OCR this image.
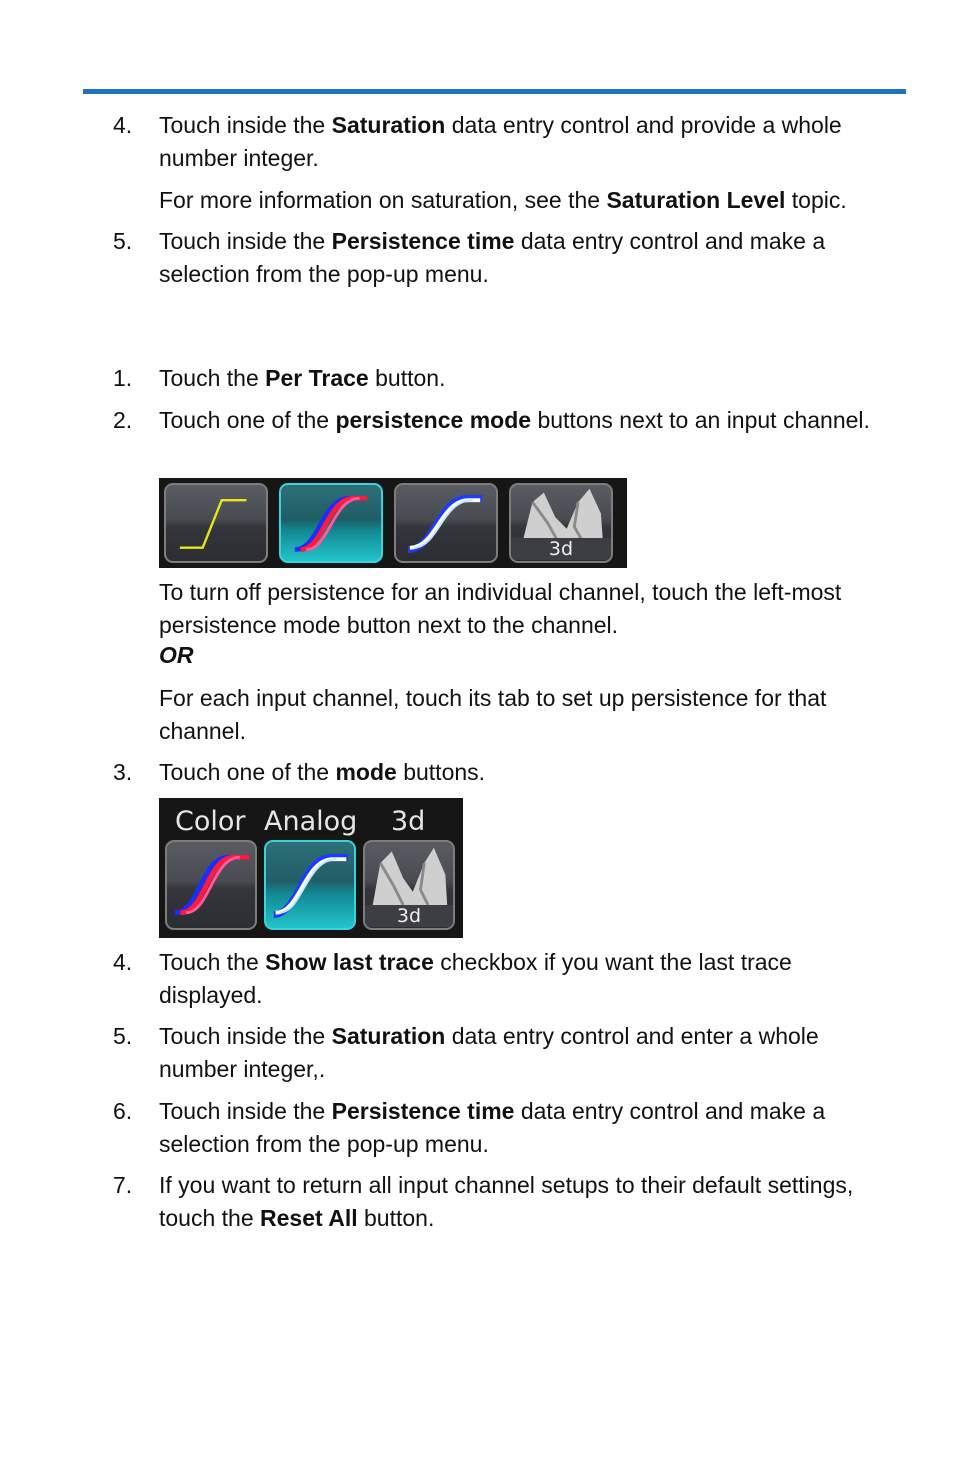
4. Touch inside the Saturation data entry control and provide a whole number integer.
For more information on saturation, see the Saturation Level topic.
5. Touch inside the Persistence time data entry control and make a selection from the pop-up menu.
1. Touch the Per Trace button.
2. Touch one of the persistence mode buttons next to an input channel.
3d
To turn off persistence for an individual channel, touch the left-most persistence mode button next to the channel.
OR
For each input channel, touch its tab to set up persistence for that channel.
3. Touch one of the mode buttons.
Color Analog 3d
3d
4. Touch the Show last trace checkbox if you want the last trace displayed.
5. Touch inside the Saturation data entry control and enter a whole number integer,.
6. Touch inside the Persistence time data entry control and make a selection from the pop-up menu.
7. If you want to return all input channel setups to their default settings, touch the Reset All button.
